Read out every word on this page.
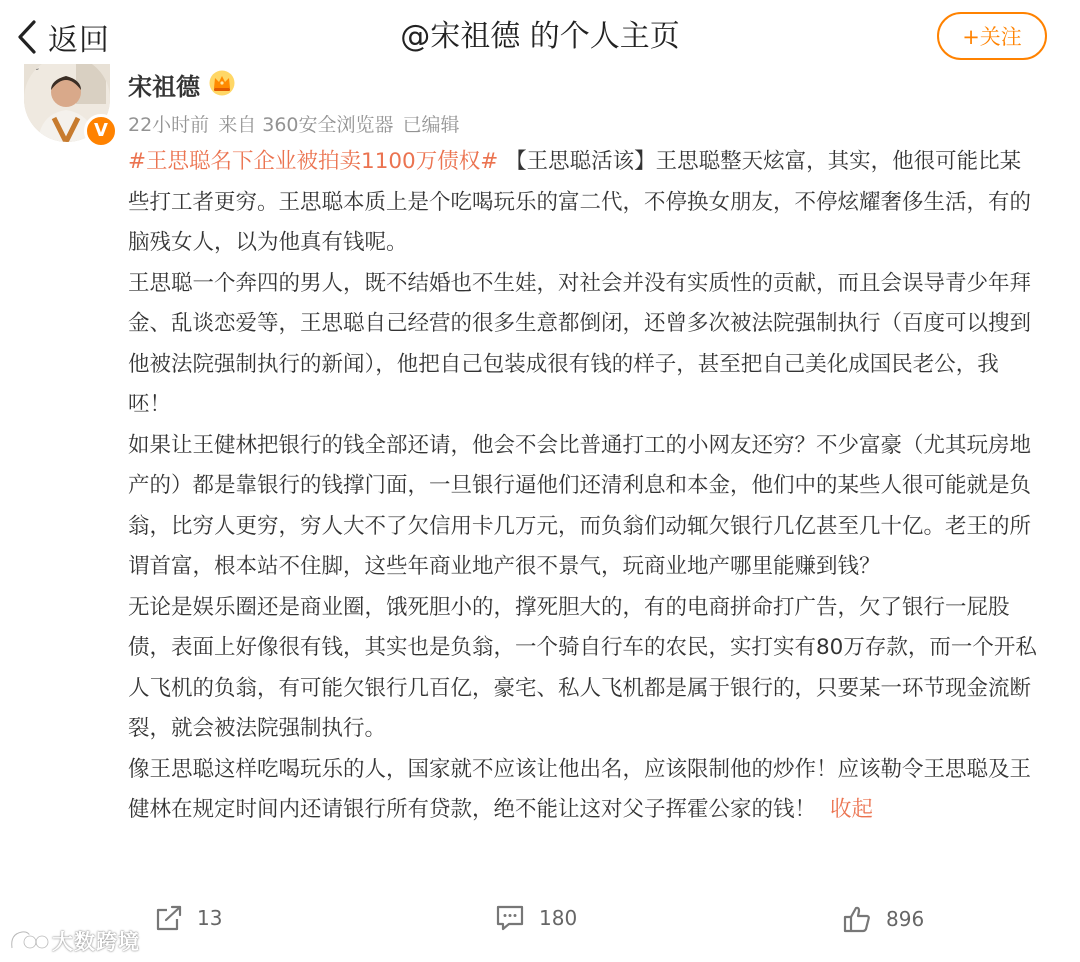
返回	@宋祖德 的个人主页	+关注
~
V
宋祖德
22小时前 来自 360安全浏览器 已编辑

#王思聪名下企业被拍卖1100万债权# 【王思聪活该】王思聪整天炫富，其实，他很可能比某些打工者更穷。王思聪本质上是个吃喝玩乐的富二代，不停换女朋友，不停炫耀奢侈生活，有的脑残女人，以为他真有钱呢。

王思聪一个奔四的男人，既不结婚也不生娃，对社会并没有实质性的贡献，而且会误导青少年拜金、乱谈恋爱等，王思聪自己经营的很多生意都倒闭，还曾多次被法院强制执行（百度可以搜到他被法院强制执行的新闻），他把自己包装成很有钱的样子，甚至把自己美化成国民老公，我呸！

如果让王健林把银行的钱全部还请，他会不会比普通打工的小网友还穷？不少富豪（尤其玩房地产的）都是靠银行的钱撑门面，一旦银行逼他们还清利息和本金，他们中的某些人很可能就是负翁，比穷人更穷，穷人大不了欠信用卡几万元，而负翁们动辄欠银行几亿甚至几十亿。老王的所谓首富，根本站不住脚，这些年商业地产很不景气，玩商业地产哪里能赚到钱？

无论是娱乐圈还是商业圈，饿死胆小的，撑死胆大的，有的电商拼命打广告，欠了银行一屁股债，表面上好像很有钱，其实也是负翁，一个骑自行车的农民，实打实有80万存款，而一个开私人飞机的负翁，有可能欠银行几百亿，豪宅、私人飞机都是属于银行的，只要某一环节现金流断裂，就会被法院强制执行。

像王思聪这样吃喝玩乐的人，国家就不应该让他出名，应该限制他的炒作！应该勒令王思聪及王健林在规定时间内还请银行所有贷款，绝不能让这对父子挥霍公家的钱！ 收起

13	180	896
大数跨境
